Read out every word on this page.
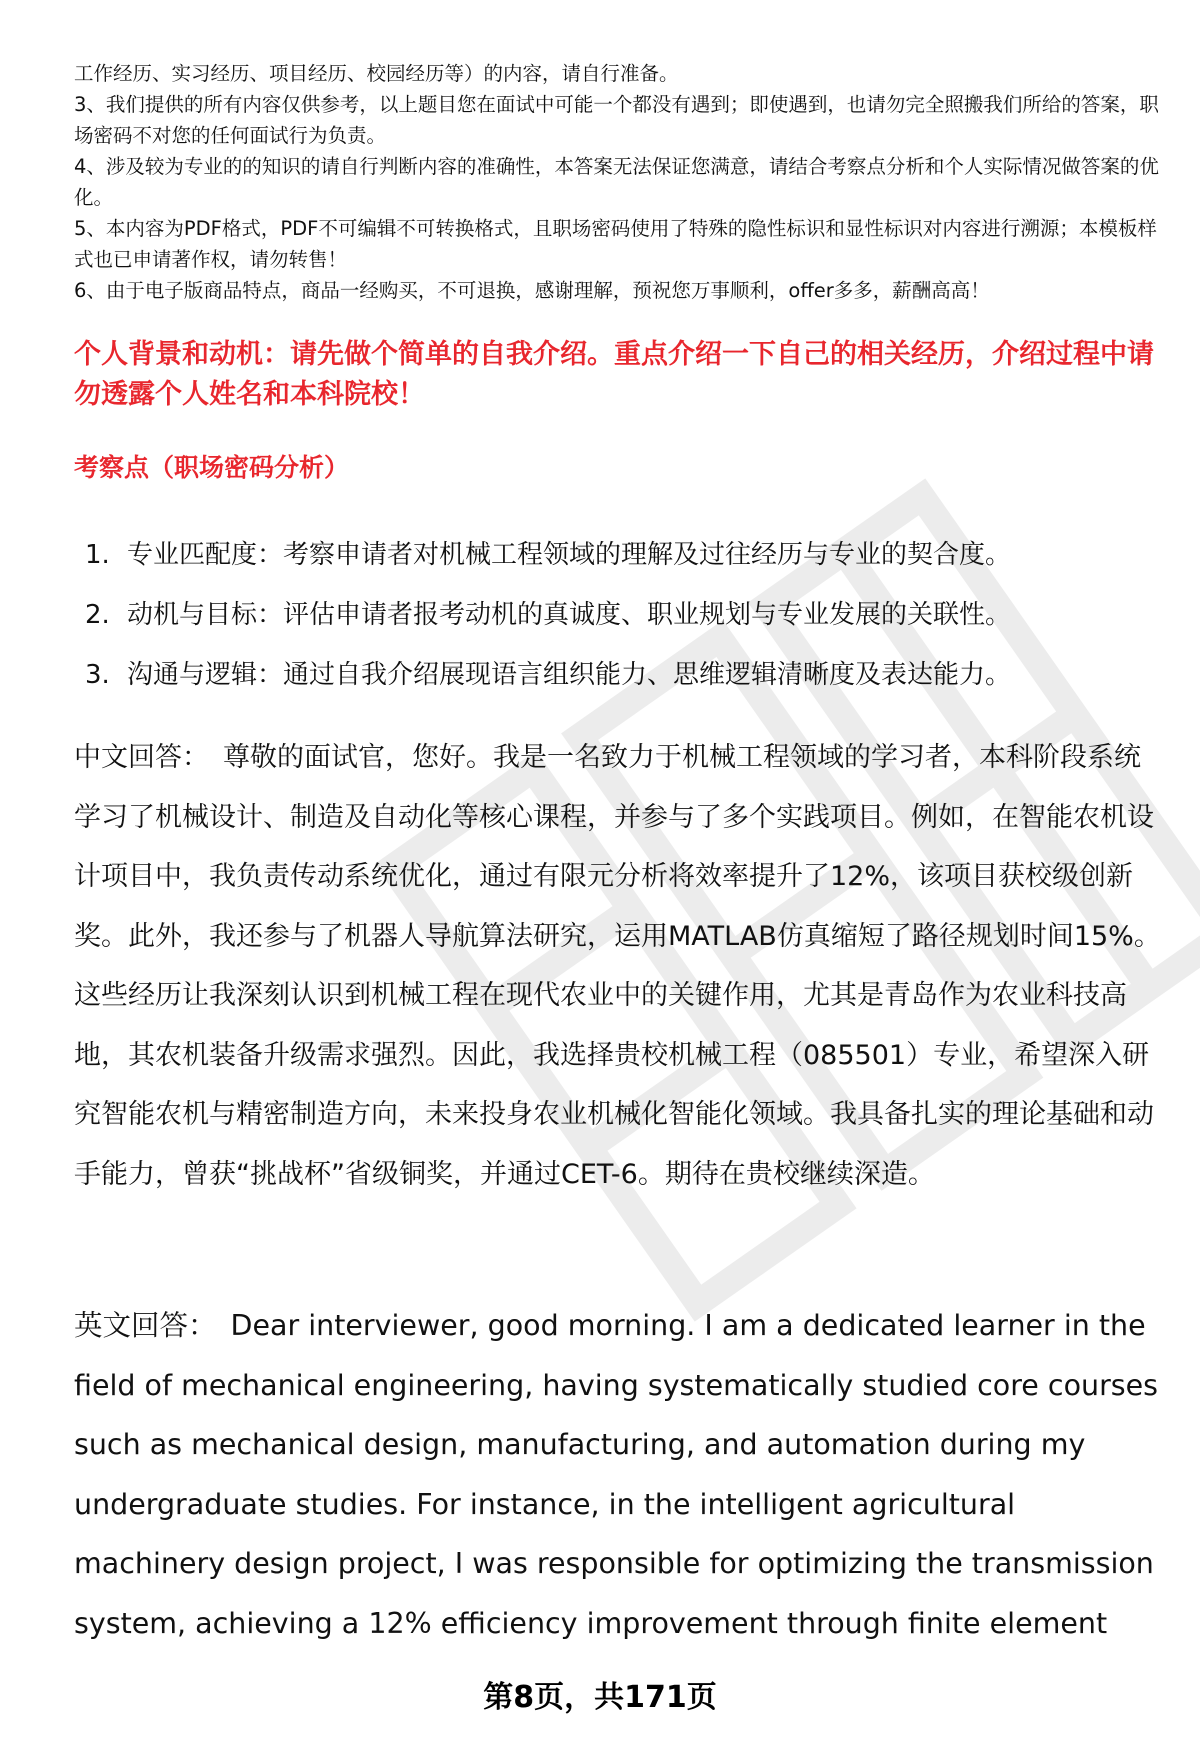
工作经历、实习经历、项目经历、校园经历等）的内容，请自行准备。

3、我们提供的所有内容仅供参考，以上题目您在面试中可能一个都没有遇到；即使遇到，也请勿完全照搬我们所给的答案，职场密码不对您的任何面试行为负责。

4、涉及较为专业的的知识的请自行判断内容的准确性，本答案无法保证您满意，请结合考察点分析和个人实际情况做答案的优化。

5、本内容为PDF格式，PDF不可编辑不可转换格式，且职场密码使用了特殊的隐性标识和显性标识对内容进行溯源；本模板样式也已申请著作权，请勿转售！

6、由于电子版商品特点，商品一经购买，不可退换，感谢理解，预祝您万事顺利，offer多多，薪酬高高！

个人背景和动机：请先做个简单的自我介绍。重点介绍一下自己的相关经历，介绍过程中请勿透露个人姓名和本科院校！
考察点（职场密码分析）
1. 专业匹配度：考察申请者对机械工程领域的理解及过往经历与专业的契合度。
2. 动机与目标：评估申请者报考动机的真诚度、职业规划与专业发展的关联性。
3. 沟通与逻辑：通过自我介绍展现语言组织能力、思维逻辑清晰度及表达能力。

中文回答： 尊敬的面试官，您好。我是一名致力于机械工程领域的学习者，本科阶段系统学习了机械设计、制造及自动化等核心课程，并参与了多个实践项目。例如，在智能农机设计项目中，我负责传动系统优化，通过有限元分析将效率提升了12%，该项目获校级创新奖。此外，我还参与了机器人导航算法研究，运用MATLAB仿真缩短了路径规划时间15%。这些经历让我深刻认识到机械工程在现代农业中的关键作用，尤其是青岛作为农业科技高地，其农机装备升级需求强烈。因此，我选择贵校机械工程（085501）专业，希望深入研究智能农机与精密制造方向，未来投身农业机械化智能化领域。我具备扎实的理论基础和动手能力，曾获“挑战杯”省级铜奖，并通过CET-6。期待在贵校继续深造。

英文回答： Dear interviewer, good morning. I am a dedicated learner in the field of mechanical engineering, having systematically studied core courses such as mechanical design, manufacturing, and automation during my undergraduate studies. For instance, in the intelligent agricultural machinery design project, I was responsible for optimizing the transmission system, achieving a 12% efficiency improvement through finite element

第8页，共171页
